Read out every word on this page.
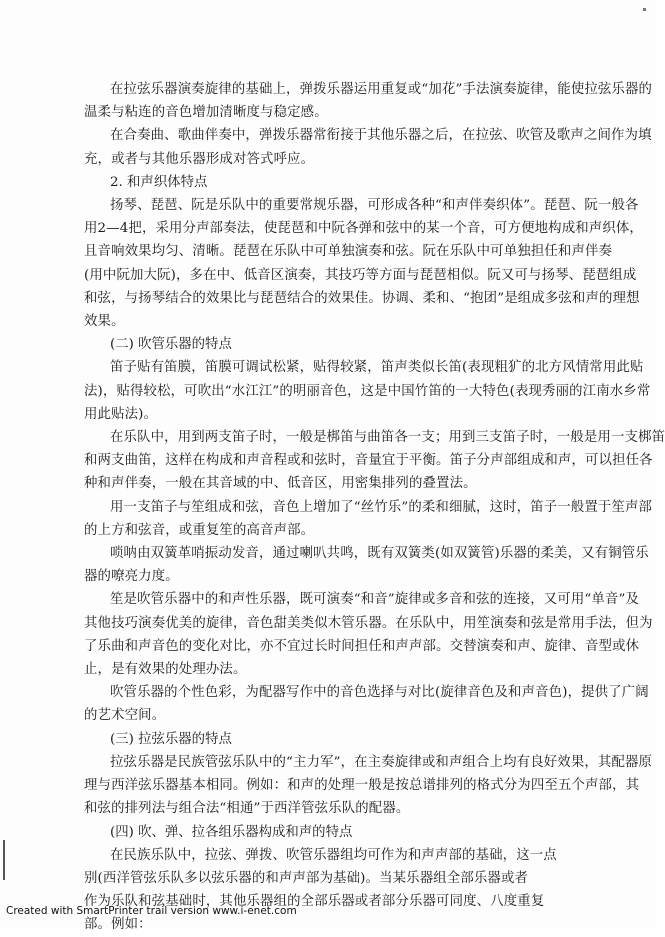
在拉弦乐器演奏旋律的基础上，弹拨乐器运用重复或“加花”手法演奏旋律，能使拉弦乐器的
温柔与粘连的音色增加清晰度与稳定感。
在合奏曲、歌曲伴奏中，弹拨乐器常衔接于其他乐器之后，在拉弦、吹管及歌声之间作为填
充，或者与其他乐器形成对答式呼应。
2. 和声织体特点
扬琴、琵琶、阮是乐队中的重要常规乐器，可形成各种“和声伴奏织体”。琵琶、阮一般各
用2—4把，采用分声部奏法，使琵琶和中阮各弹和弦中的某一个音，可方便地构成和声织体，
且音响效果均匀、清晰。琵琶在乐队中可单独演奏和弦。阮在乐队中可单独担任和声伴奏
(用中阮加大阮)，多在中、低音区演奏，其技巧等方面与琵琶相似。阮又可与扬琴、琵琶组成
和弦，与扬琴结合的效果比与琵琶结合的效果佳。协调、柔和、“抱团”是组成多弦和声的理想
效果。
(二) 吹管乐器的特点
笛子贴有笛膜，笛膜可调试松紧，贴得较紧，笛声类似长笛(表现粗犷的北方风情常用此贴
法)，贴得较松，可吹出“水江江”的明丽音色，这是中国竹笛的一大特色(表现秀丽的江南水乡常
用此贴法)。
在乐队中，用到两支笛子时，一般是梆笛与曲笛各一支；用到三支笛子时，一般是用一支梆笛
和两支曲笛，这样在构成和声音程或和弦时，音量宜于平衡。笛子分声部组成和声，可以担任各
种和声伴奏，一般在其音域的中、低音区，用密集排列的叠置法。
用一支笛子与笙组成和弦，音色上增加了“丝竹乐”的柔和细腻，这时，笛子一般置于笙声部
的上方和弦音，或重复笙的高音声部。
唢呐由双簧革哨振动发音，通过喇叭共鸣，既有双簧类(如双簧管)乐器的柔美，又有铜管乐
器的嘹亮力度。
笙是吹管乐器中的和声性乐器，既可演奏“和音”旋律或多音和弦的连接，又可用“单音”及
其他技巧演奏优美的旋律，音色甜美类似木管乐器。在乐队中，用笙演奏和弦是常用手法，但为
了乐曲和声音色的变化对比，亦不宜过长时间担任和声声部。交替演奏和声、旋律、音型或休
止，是有效果的处理办法。
吹管乐器的个性色彩，为配器写作中的音色选择与对比(旋律音色及和声音色)，提供了广阔
的艺术空间。
(三) 拉弦乐器的特点
拉弦乐器是民族管弦乐队中的“主力军”，在主奏旋律或和声组合上均有良好效果，其配器原
理与西洋弦乐器基本相同。例如：和声的处理一般是按总谱排列的格式分为四至五个声部，其
和弦的排列法与组合法“相通”于西洋管弦乐队的配器。
(四) 吹、弹、拉各组乐器构成和声的特点
在民族乐队中，拉弦、弹拨、吹管乐器组均可作为和声声部的基础，这一点
别(西洋管弦乐队多以弦乐器的和声声部为基础)。当某乐器组全部乐器或者
作为乐队和弦基础时，其他乐器组的全部乐器或者部分乐器可同度、八度重复
部。例如：
Created with SmartPrinter trail version www.i-enet.com
